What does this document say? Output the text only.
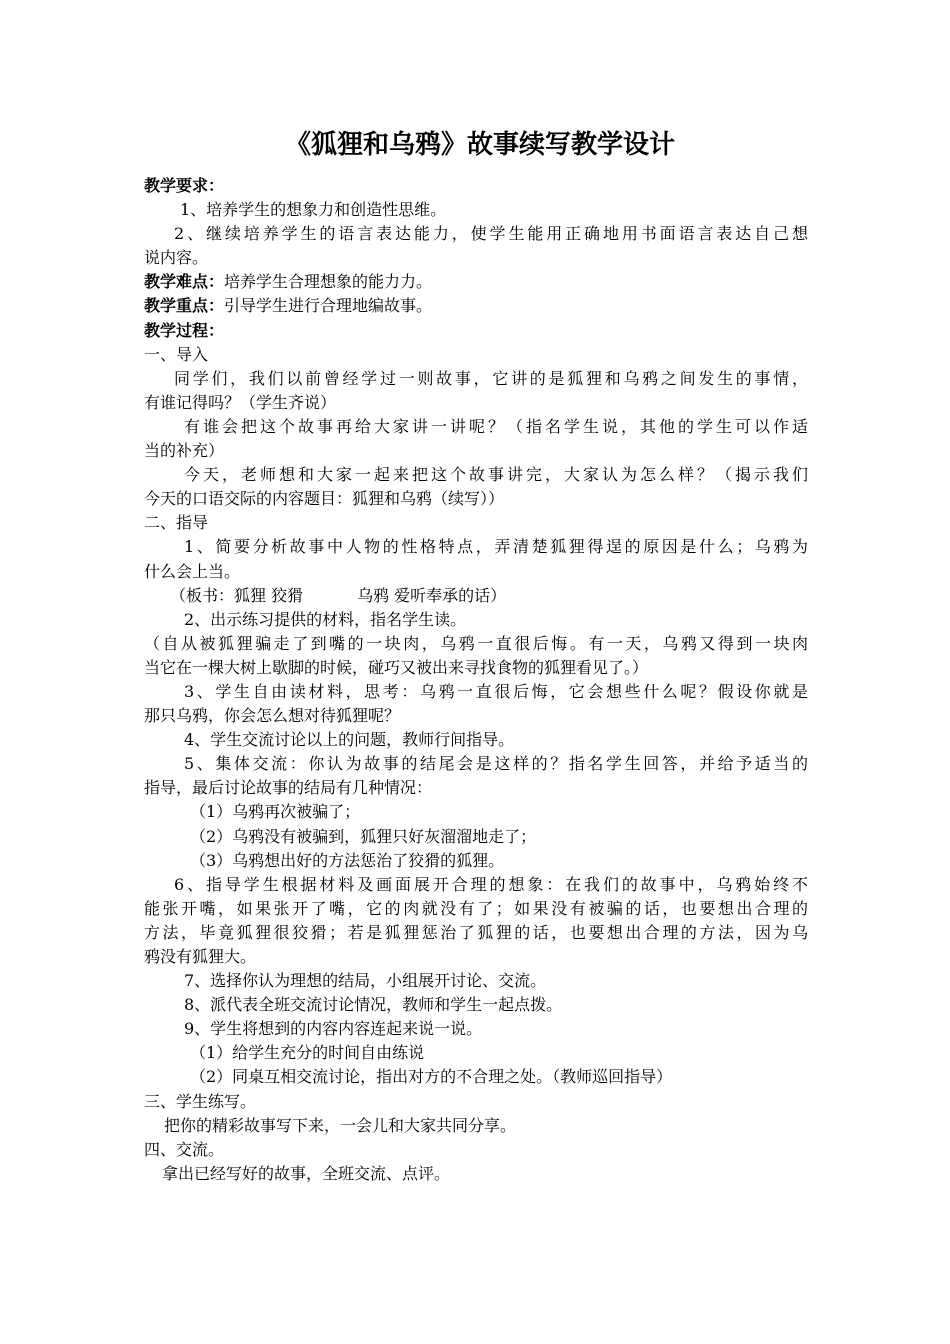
《狐狸和乌鸦》故事续写教学设计

教学要求：

1、培养学生的想象力和创造性思维。

2、继续培养学生的语言表达能力，使学生能用正确地用书面语言表达自己想

说内容。

教学难点：培养学生合理想象的能力力。

教学重点：引导学生进行合理地编故事。

教学过程：

一、导入

同学们，我们以前曾经学过一则故事，它讲的是狐狸和乌鸦之间发生的事情，

有谁记得吗？（学生齐说）

有谁会把这个故事再给大家讲一讲呢？（指名学生说，其他的学生可以作适

当的补充）

今天，老师想和大家一起来把这个故事讲完，大家认为怎么样？（揭示我们

今天的口语交际的内容题目：狐狸和乌鸦（续写））

二、指导

1、简要分析故事中人物的性格特点，弄清楚狐狸得逞的原因是什么；乌鸦为

什么会上当。

（板书：狐狸 狡猾	乌鸦 爱听奉承的话）

2、出示练习提供的材料，指名学生读。

（自从被狐狸骗走了到嘴的一块肉，乌鸦一直很后悔。有一天，乌鸦又得到一块肉

当它在一棵大树上歇脚的时候，碰巧又被出来寻找食物的狐狸看见了。）

3、学生自由读材料，思考：乌鸦一直很后悔，它会想些什么呢？假设你就是

那只乌鸦，你会怎么想对待狐狸呢？

4、学生交流讨论以上的问题，教师行间指导。

5、集体交流：你认为故事的结尾会是这样的？指名学生回答，并给予适当的

指导，最后讨论故事的结局有几种情况：

（1）乌鸦再次被骗了；

（2）乌鸦没有被骗到，狐狸只好灰溜溜地走了；

（3）乌鸦想出好的方法惩治了狡猾的狐狸。

6、指导学生根据材料及画面展开合理的想象：在我们的故事中，乌鸦始终不

能张开嘴，如果张开了嘴，它的肉就没有了；如果没有被骗的话，也要想出合理的

方法，毕竟狐狸很狡猾；若是狐狸惩治了狐狸的话，也要想出合理的方法，因为乌

鸦没有狐狸大。

7、选择你认为理想的结局，小组展开讨论、交流。

8、派代表全班交流讨论情况，教师和学生一起点拨。

9、学生将想到的内容内容连起来说一说。

（1）给学生充分的时间自由练说

（2）同桌互相交流讨论，指出对方的不合理之处。（教师巡回指导）

三、学生练写。

把你的精彩故事写下来，一会儿和大家共同分享。

四、交流。

拿出已经写好的故事，全班交流、点评。
